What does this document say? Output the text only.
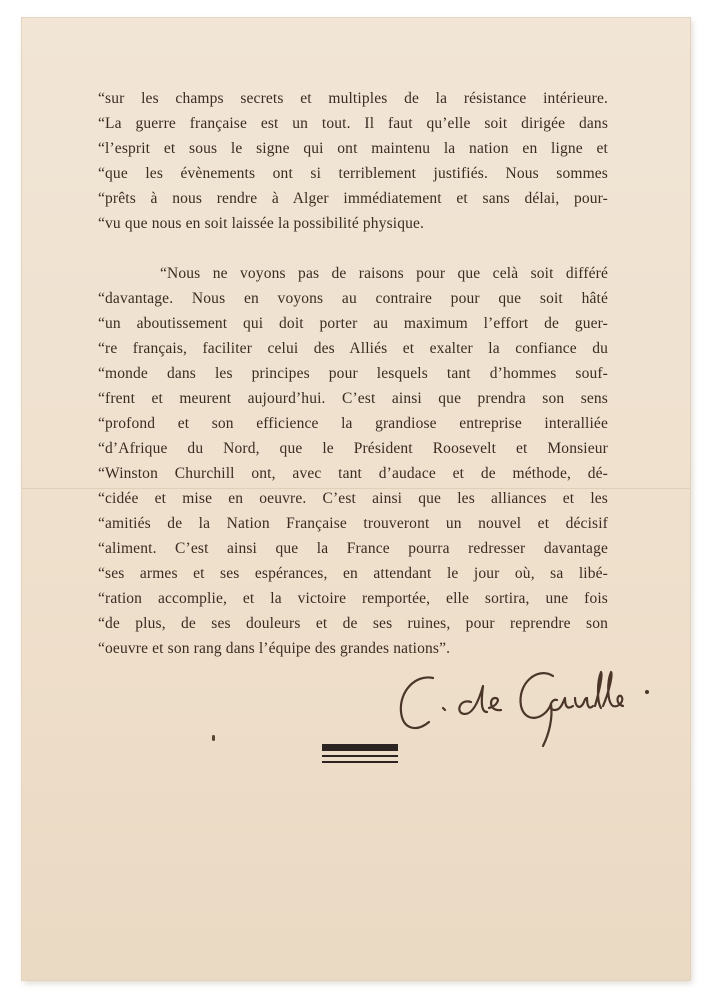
“sur les champs secrets et multiples de la résistance intérieure.
“La guerre française est un tout. Il faut qu’elle soit dirigée dans
“l’esprit et sous le signe qui ont maintenu la nation en ligne et
“que les évènements ont si terriblement justifiés. Nous sommes
“prêts à nous rendre à Alger immédiatement et sans délai, pour-
“vu que nous en soit laissée la possibilité physique.
“Nous ne voyons pas de raisons pour que celà soit différé
“davantage. Nous en voyons au contraire pour que soit hâté
“un aboutissement qui doit porter au maximum l’effort de guer-
“re français, faciliter celui des Alliés et exalter la confiance du
“monde dans les principes pour lesquels tant d’hommes souf-
“frent et meurent aujourd’hui. C’est ainsi que prendra son sens
“profond et son efficience la grandiose entreprise interalliée
“d’Afrique du Nord, que le Président Roosevelt et Monsieur
“Winston Churchill ont, avec tant d’audace et de méthode, dé-
“cidée et mise en oeuvre. C’est ainsi que les alliances et les
“amitiés de la Nation Française trouveront un nouvel et décisif
“aliment. C’est ainsi que la France pourra redresser davantage
“ses armes et ses espérances, en attendant le jour où, sa libé-
“ration accomplie, et la victoire remportée, elle sortira, une fois
“de plus, de ses douleurs et de ses ruines, pour reprendre son
“oeuvre et son rang dans l’équipe des grandes nations”.
